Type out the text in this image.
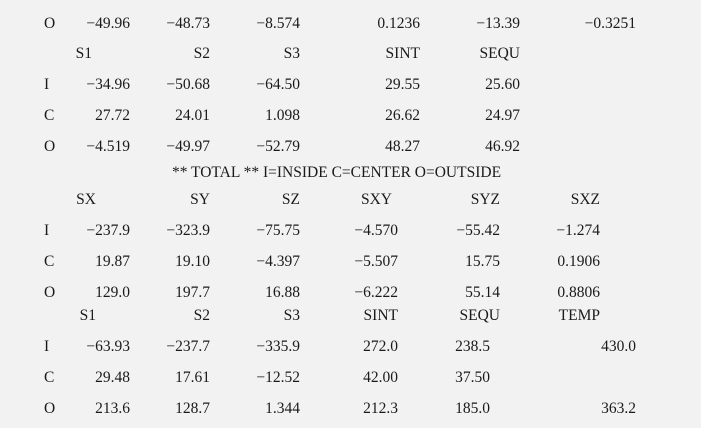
O	−49.96	−48.73	−8.574	0.1236	−13.39	−0.3251
S1	S2	S3	SINT	SEQU
I	−34.96	−50.68	−64.50	29.55	25.60
C	27.72	24.01	1.098	26.62	24.97
O	−4.519	−49.97	−52.79	48.27	46.92
** TOTAL ** I=INSIDE C=CENTER O=OUTSIDE
SX	SY	SZ	SXY	SYZ	SXZ
I	−237.9	−323.9	−75.75	−4.570	−55.42	−1.274
C	19.87	19.10	−4.397	−5.507	15.75	0.1906
O	129.0	197.7	16.88	−6.222	55.14	0.8806
S1	S2	S3	SINT	SEQU	TEMP
I	−63.93	−237.7	−335.9	272.0	238.5	430.0
C	29.48	17.61	−12.52	42.00	37.50
O	213.6	128.7	1.344	212.3	185.0	363.2
